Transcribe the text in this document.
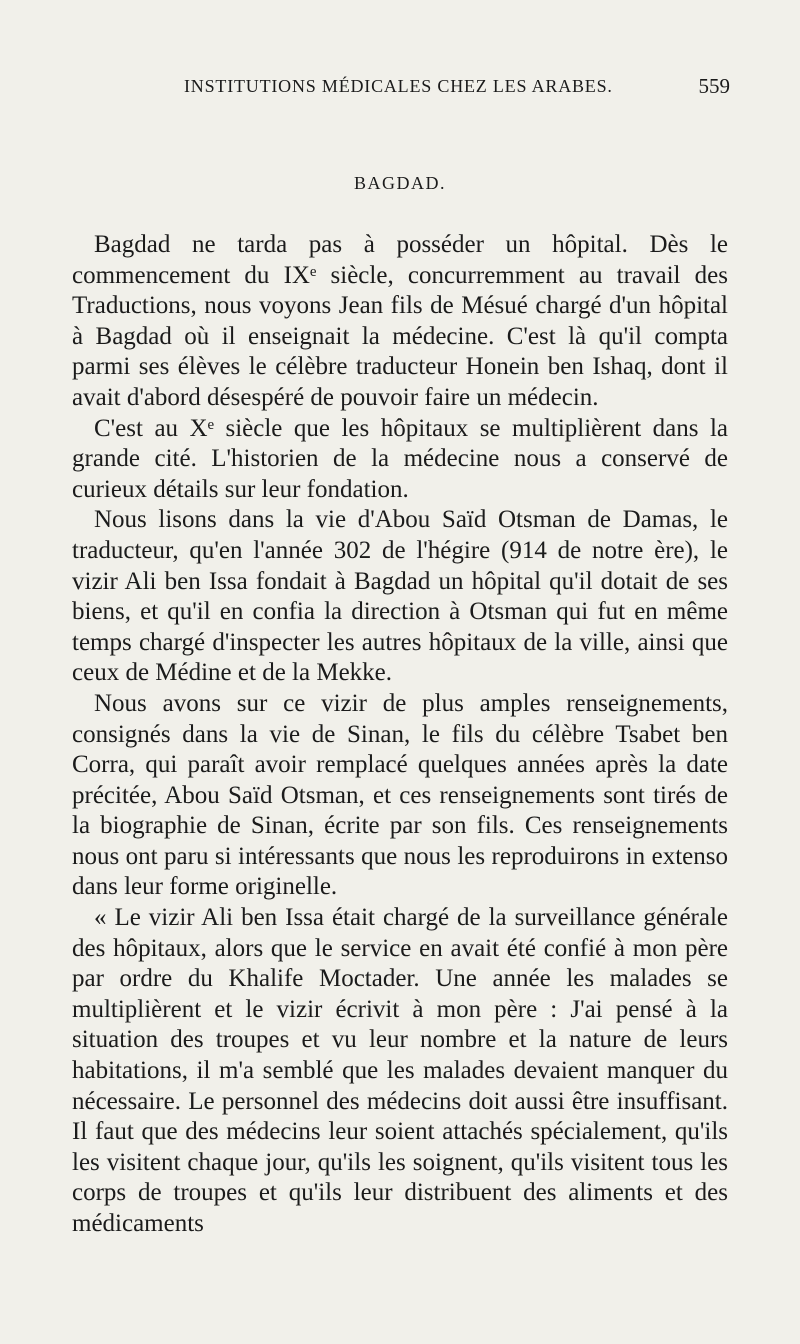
INSTITUTIONS MÉDICALES CHEZ LES ARABES.	559
BAGDAD.

Bagdad ne tarda pas à posséder un hôpital. Dès le commencement du IXᵉ siècle, concurremment au travail des Traductions, nous voyons Jean fils de Mésué chargé d'un hôpital à Bagdad où il enseignait la médecine. C'est là qu'il compta parmi ses élèves le célèbre traducteur Honein ben Ishaq, dont il avait d'abord désespéré de pouvoir faire un médecin.

C'est au Xᵉ siècle que les hôpitaux se multiplièrent dans la grande cité. L'historien de la médecine nous a conservé de curieux détails sur leur fondation.

Nous lisons dans la vie d'Abou Saïd Otsman de Damas, le traducteur, qu'en l'année 302 de l'hégire (914 de notre ère), le vizir Ali ben Issa fondait à Bagdad un hôpital qu'il dotait de ses biens, et qu'il en confia la direction à Otsman qui fut en même temps chargé d'inspecter les autres hôpitaux de la ville, ainsi que ceux de Médine et de la Mekke.

Nous avons sur ce vizir de plus amples renseignements, consignés dans la vie de Sinan, le fils du célèbre Tsabet ben Corra, qui paraît avoir remplacé quelques années après la date précitée, Abou Saïd Otsman, et ces renseignements sont tirés de la biographie de Sinan, écrite par son fils. Ces renseignements nous ont paru si intéressants que nous les reproduirons in extenso dans leur forme originelle.

« Le vizir Ali ben Issa était chargé de la surveillance générale des hôpitaux, alors que le service en avait été confié à mon père par ordre du Khalife Moctader. Une année les malades se multiplièrent et le vizir écrivit à mon père : J'ai pensé à la situation des troupes et vu leur nombre et la nature de leurs habitations, il m'a semblé que les malades devaient manquer du nécessaire. Le personnel des médecins doit aussi être insuffisant. Il faut que des médecins leur soient attachés spécialement, qu'ils les visitent chaque jour, qu'ils les soignent, qu'ils visitent tous les corps de troupes et qu'ils leur distribuent des aliments et des médicaments
